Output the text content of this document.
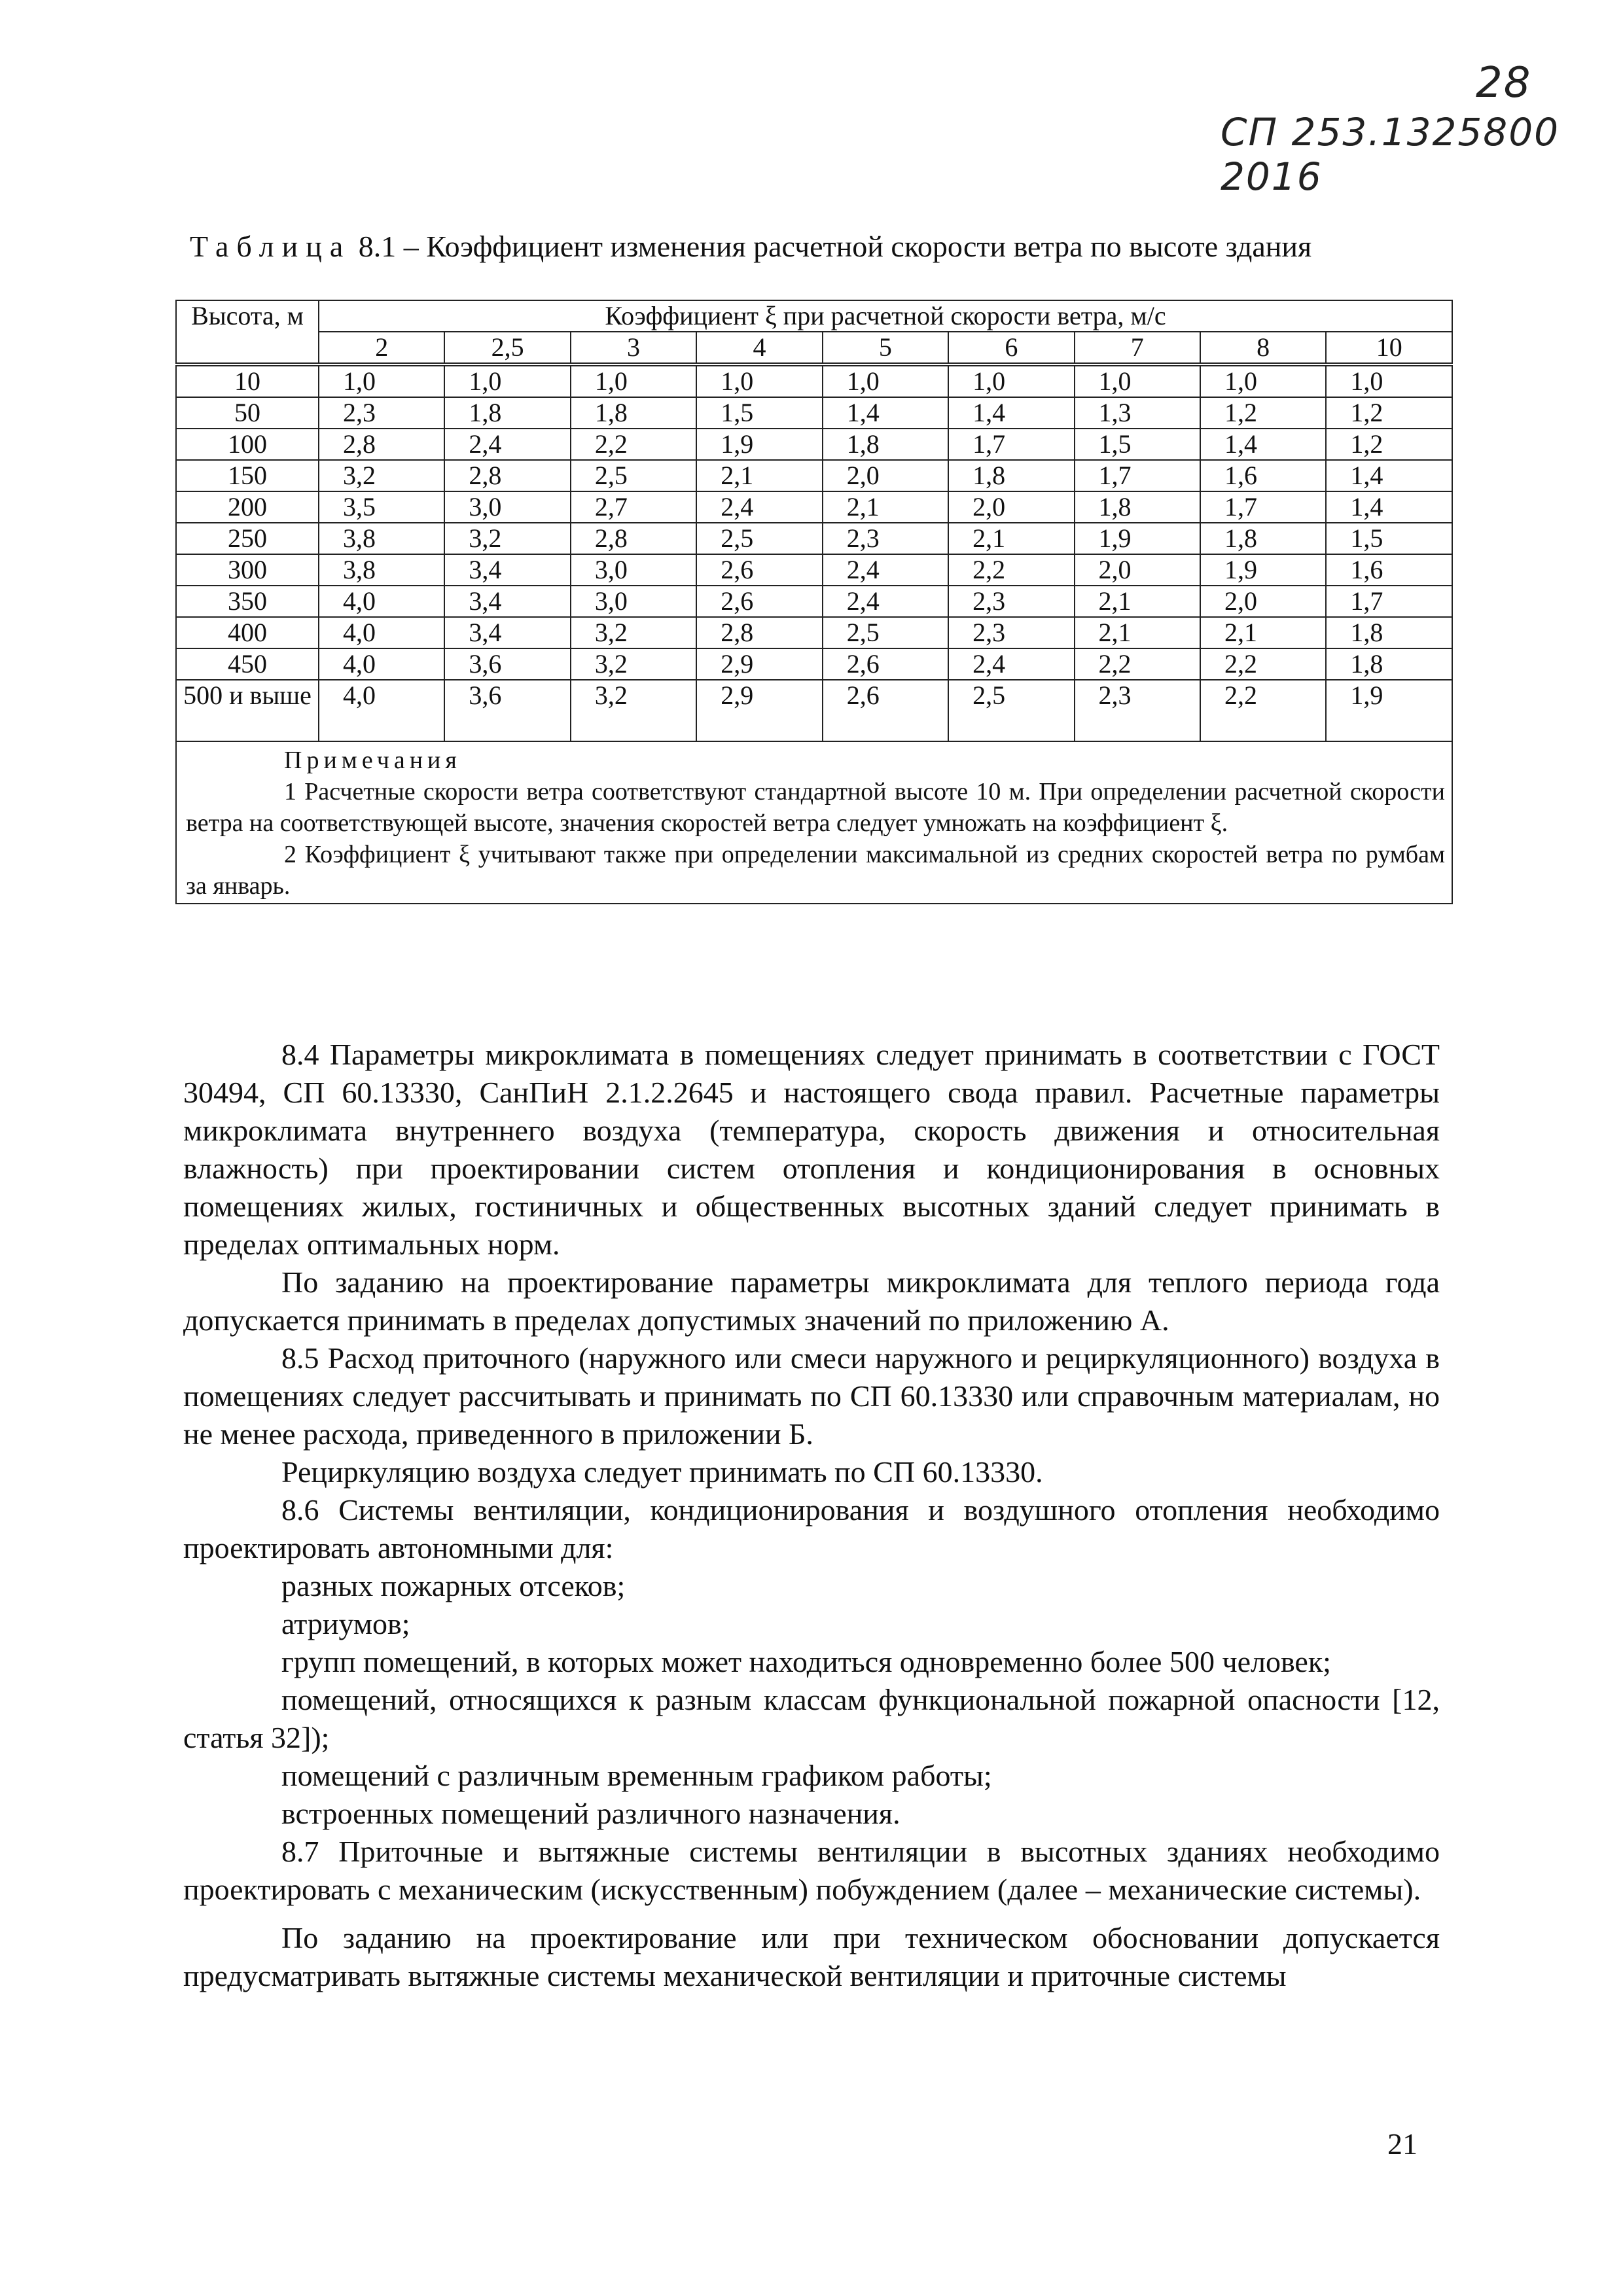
28
СП 253.1325800 2016
Таблица 8.1 – Коэффициент изменения расчетной скорости ветра по высоте здания
Высота, м	Коэффициент ξ при расчетной скорости ветра, м/с								
	2	2,5	3	4	5	6	7	8	10
10	1,0	1,0	1,0	1,0	1,0	1,0	1,0	1,0	1,0
50	2,3	1,8	1,8	1,5	1,4	1,4	1,3	1,2	1,2
100	2,8	2,4	2,2	1,9	1,8	1,7	1,5	1,4	1,2
150	3,2	2,8	2,5	2,1	2,0	1,8	1,7	1,6	1,4
200	3,5	3,0	2,7	2,4	2,1	2,0	1,8	1,7	1,4
250	3,8	3,2	2,8	2,5	2,3	2,1	1,9	1,8	1,5
300	3,8	3,4	3,0	2,6	2,4	2,2	2,0	1,9	1,6
350	4,0	3,4	3,0	2,6	2,4	2,3	2,1	2,0	1,7
400	4,0	3,4	3,2	2,8	2,5	2,3	2,1	2,1	1,8
450	4,0	3,6	3,2	2,9	2,6	2,4	2,2	2,2	1,8
500 и выше	4,0	3,6	3,2	2,9	2,6	2,5	2,3	2,2	1,9

Примечания
1 Расчетные скорости ветра соответствуют стандартной высоте 10 м. При определении расчетной скорости ветра на соответствующей высоте, значения скоростей ветра следует умножать на коэффициент ξ.
2 Коэффициент ξ учитывают также при определении максимальной из средних скоростей ветра по румбам за январь.									

8.4 Параметры микроклимата в помещениях следует принимать в соответствии с ГОСТ 30494, СП 60.13330, СанПиН 2.1.2.2645 и настоящего свода правил. Расчетные параметры микроклимата внутреннего воздуха (температура, скорость движения и относительная влажность) при проектировании систем отопления и кондиционирования в основных помещениях жилых, гостиничных и общественных высотных зданий следует принимать в пределах оптимальных норм.

По заданию на проектирование параметры микроклимата для теплого периода года допускается принимать в пределах допустимых значений по приложению А.

8.5 Расход приточного (наружного или смеси наружного и рециркуляционного) воздуха в помещениях следует рассчитывать и принимать по СП 60.13330 или справочным материалам, но не менее расхода, приведенного в приложении Б.

Рециркуляцию воздуха следует принимать по СП 60.13330.

8.6 Системы вентиляции, кондиционирования и воздушного отопления необходимо проектировать автономными для:

разных пожарных отсеков;

атриумов;

групп помещений, в которых может находиться одновременно более 500 человек;

помещений, относящихся к разным классам функциональной пожарной опасности [12, статья 32]);

помещений с различным временным графиком работы;

встроенных помещений различного назначения.

8.7 Приточные и вытяжные системы вентиляции в высотных зданиях необходимо проектировать с механическим (искусственным) побуждением (далее – механические системы).

По заданию на проектирование или при техническом обосновании допускается предусматривать вытяжные системы механической вентиляции и приточные системы

21
